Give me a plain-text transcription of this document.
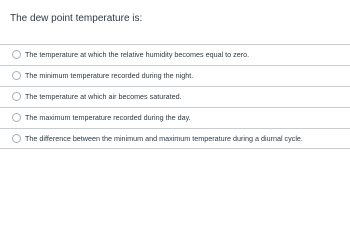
The dew point temperature is:
The temperature at which the relative humidity becomes equal to zero.
The minimum temperature recorded during the night.
The temperature at which air becomes saturated.
The maximum temperature recorded during the day.
The difference between the minimum and maximum temperature during a diurnal cycle.
